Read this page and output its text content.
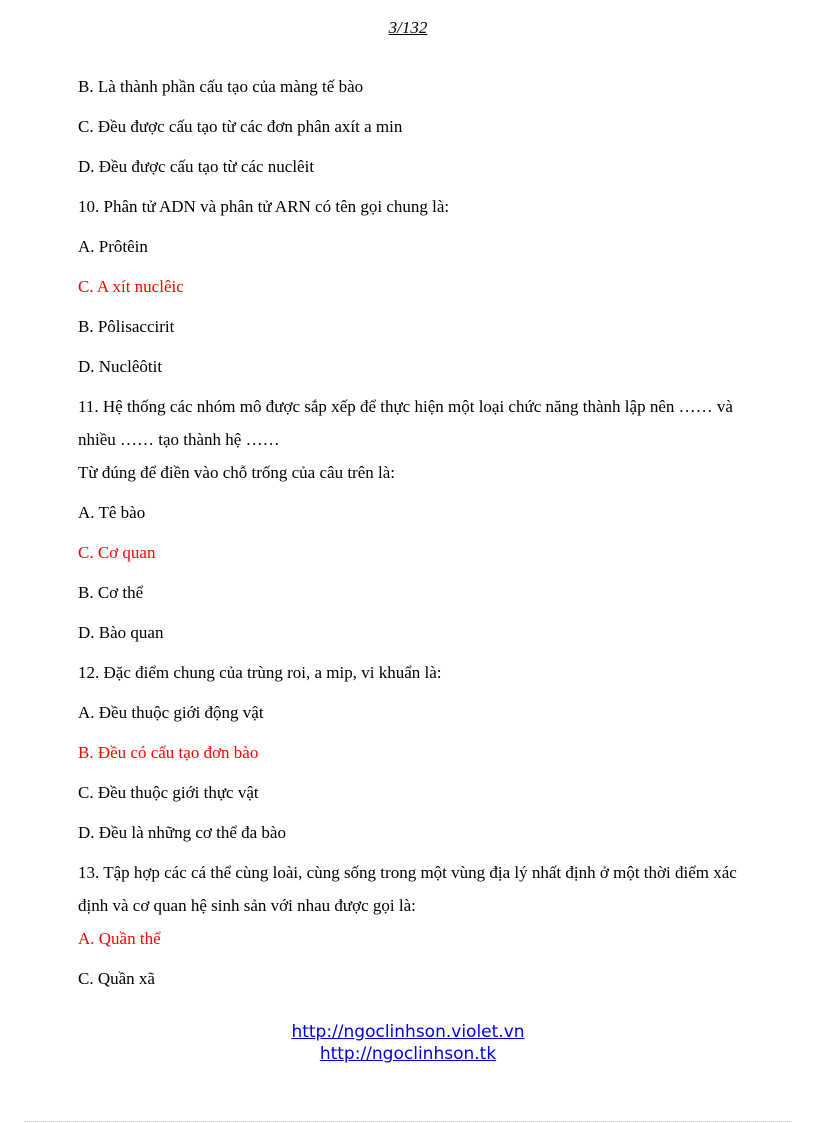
3/132
B. Là thành phần cấu tạo của màng tế bào
C. Đều được cấu tạo từ các đơn phân axít a min
D. Đều được cấu tạo từ các nuclêit
10. Phân tử ADN và phân tử ARN có tên gọi chung là:
A. Prôtêin
C. A xít nuclêic
B. Pôlisaccirit
D. Nuclêôtit
11. Hệ thống các nhóm mô được sắp xếp để thực hiện một loại chức năng thành lập nên …… và nhiều …… tạo thành hệ ……
Từ đúng để điền vào chỗ trống của câu trên là:
A. Tê bào
C. Cơ quan
B. Cơ thể
D. Bào quan
12. Đặc điểm chung của trùng roi, a mip, vi khuẩn là:
A. Đều thuộc giới động vật
B. Đều có cấu tạo đơn bào
C. Đều thuộc giới thực vật
D. Đều là những cơ thể đa bào
13. Tập hợp các cá thể cùng loài, cùng sống trong một vùng địa lý nhất định ở một thời điểm xác định và cơ quan hệ sinh sản với nhau được gọi là:
A. Quần thể
C. Quần xã
http://ngoclinhson.violet.vn
http://ngoclinhson.tk
